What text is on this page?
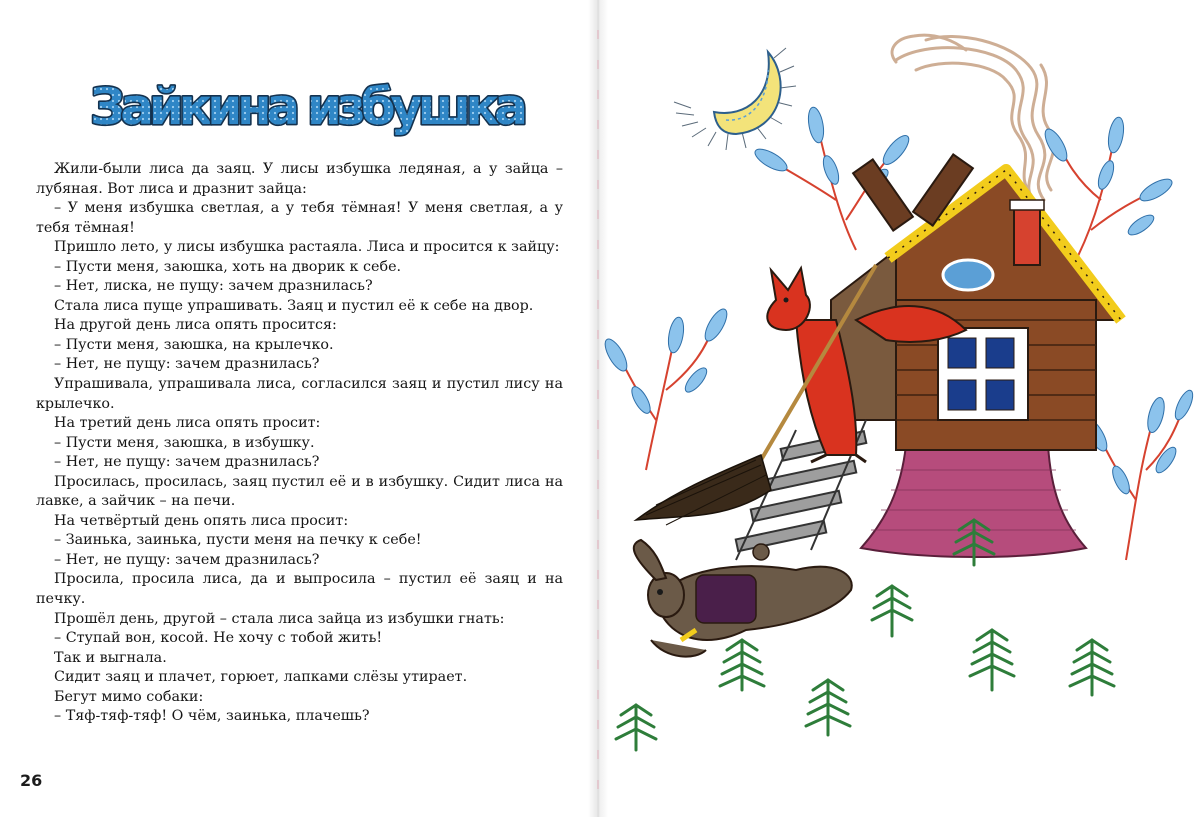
Зайкина избушка

Жили-были лиса да заяц. У лисы избушка ледяная, а у зайца – лубяная. Вот лиса и дразнит зайца:

– У меня избушка светлая, а у тебя тёмная! У меня светлая, а у тебя тёмная!

Пришло лето, у лисы избушка растаяла. Лиса и просится к зайцу:

– Пусти меня, заюшка, хоть на дворик к себе.

– Нет, лиска, не пущу: зачем дразнилась?

Стала лиса пуще упрашивать. Заяц и пустил её к себе на двор.

На другой день лиса опять просится:

– Пусти меня, заюшка, на крылечко.

– Нет, не пущу: зачем дразнилась?

Упрашивала, упрашивала лиса, согласился заяц и пустил лису на крылечко.

На третий день лиса опять просит:

– Пусти меня, заюшка, в избушку.

– Нет, не пущу: зачем дразнилась?

Просилась, просилась, заяц пустил её и в избушку. Сидит лиса на лавке, а зайчик – на печи.

На четвёртый день опять лиса просит:

– Заинька, заинька, пусти меня на печку к себе!

– Нет, не пущу: зачем дразнилась?

Просила, просила лиса, да и выпросила – пустил её заяц и на печку.

Прошёл день, другой – стала лиса зайца из избушки гнать:

– Ступай вон, косой. Не хочу с тобой жить!

Так и выгнала.

Сидит заяц и плачет, горюет, лапками слёзы утирает.

Бегут мимо собаки:

– Тяф-тяф-тяф! О чём, заинька, плачешь?

26
